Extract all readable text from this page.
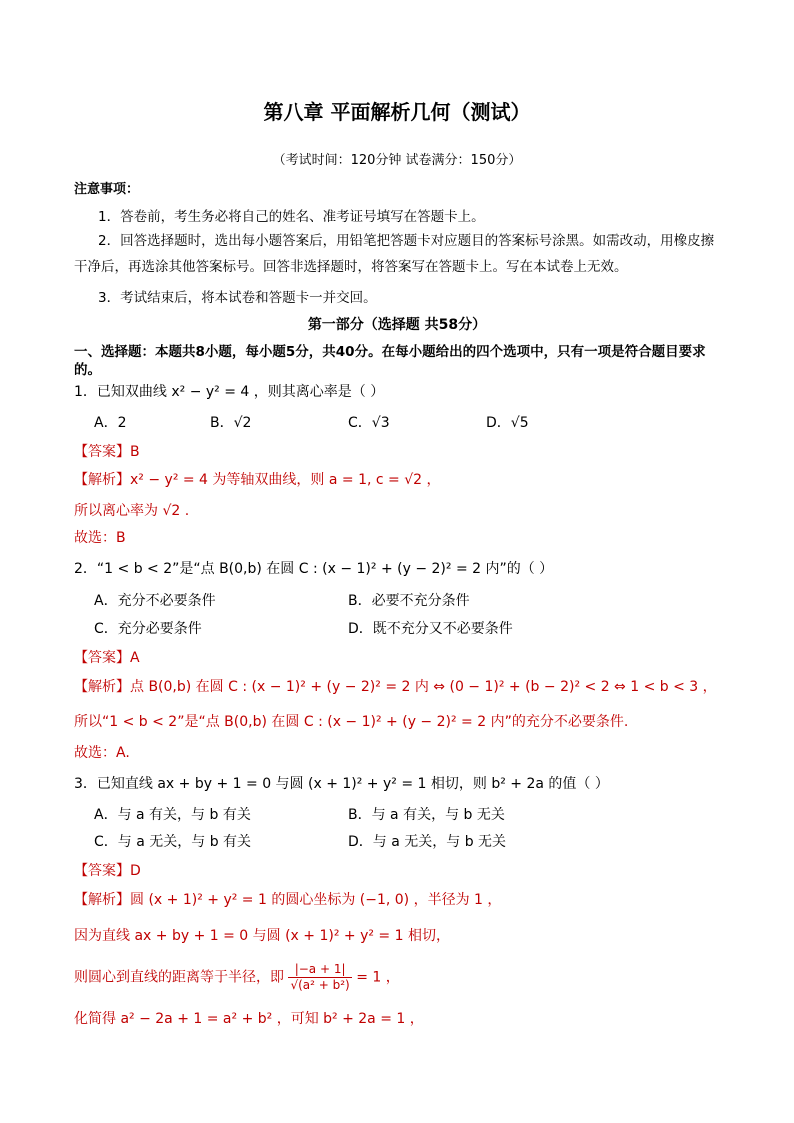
第八章 平面解析几何（测试）
（考试时间：120分钟 试卷满分：150分）
注意事项：
1．答卷前，考生务必将自己的姓名、准考证号填写在答题卡上。
2．回答选择题时，选出每小题答案后，用铅笔把答题卡对应题目的答案标号涂黑。如需改动，用橡皮擦干净后，再选涂其他答案标号。回答非选择题时，将答案写在答题卡上。写在本试卷上无效。
3．考试结束后，将本试卷和答题卡一并交回。
第一部分（选择题 共58分）
一、选择题：本题共8小题，每小题5分，共40分。在每小题给出的四个选项中，只有一项是符合题目要求的。
1．已知双曲线 x² − y² = 4 ，则其离心率是（ ）
A．2	B．√2	C．√3	D．√5
【答案】B
【解析】x² − y² = 4 为等轴双曲线，则 a = 1, c = √2 ，
所以离心率为 √2 .
故选：B
2．“1 < b < 2”是“点 B(0,b) 在圆 C : (x − 1)² + (y − 2)² = 2 内”的（ ）
A．充分不必要条件	B．必要不充分条件
C．充分必要条件	D．既不充分又不必要条件
【答案】A
【解析】点 B(0,b) 在圆 C : (x − 1)² + (y − 2)² = 2 内 ⇔ (0 − 1)² + (b − 2)² < 2 ⇔ 1 < b < 3 ，
所以“1 < b < 2”是“点 B(0,b) 在圆 C : (x − 1)² + (y − 2)² = 2 内”的充分不必要条件.
故选：A.
3．已知直线 ax + by + 1 = 0 与圆 (x + 1)² + y² = 1 相切，则 b² + 2a 的值（ ）
A．与 a 有关，与 b 有关	B．与 a 有关，与 b 无关
C．与 a 无关，与 b 有关	D．与 a 无关，与 b 无关
【答案】D
【解析】圆 (x + 1)² + y² = 1 的圆心坐标为 (−1, 0) ，半径为 1 ，
因为直线 ax + by + 1 = 0 与圆 (x + 1)² + y² = 1 相切，
则圆心到直线的距离等于半径，即 $\frac{|-a + 1|}{\text{√(a² + b²)}} = 1$ ，
化简得 a² − 2a + 1 = a² + b² ，可知 b² + 2a = 1 ，
